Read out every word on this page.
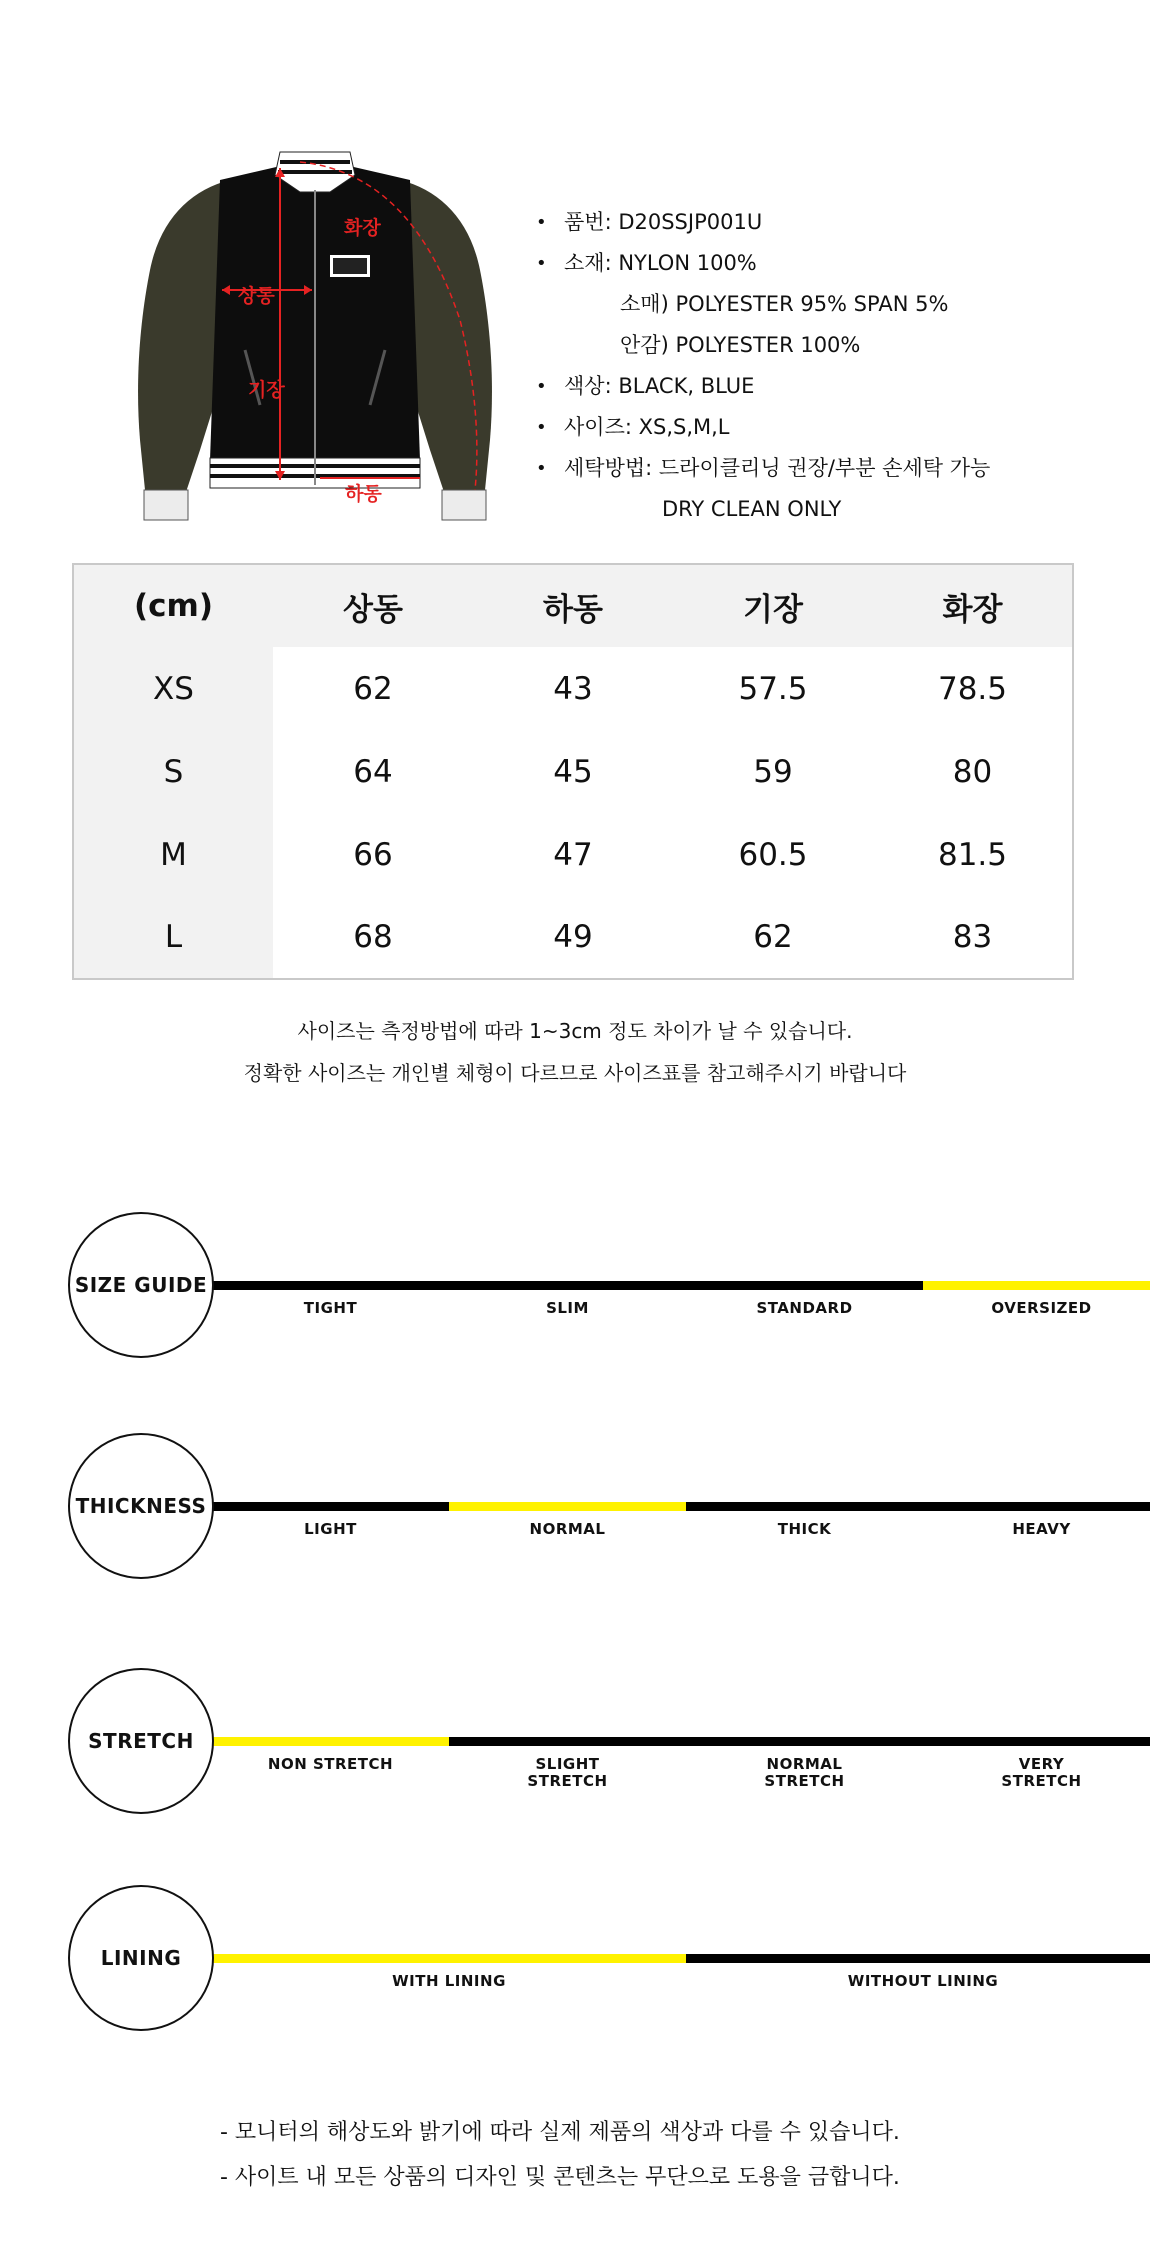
화장
상동
기장
하동
• 품번: D20SSJP001U
• 소재: NYLON 100%
소매) POLYESTER 95% SPAN 5%
안감) POLYESTER 100%
• 색상: BLACK, BLUE
• 사이즈: XS,S,M,L
• 세탁방법: 드라이클리닝 권장/부분 손세탁 가능
DRY CLEAN ONLY
(cm)	상동	하동	기장	화장
XS	62	43	57.5	78.5
S	64	45	59	80
M	66	47	60.5	81.5
L	68	49	62	83

사이즈는 측정방법에 따라 1~3cm 정도 차이가 날 수 있습니다.

정확한 사이즈는 개인별 체형이 다르므로 사이즈표를 참고해주시기 바랍니다

SIZE GUIDE
TIGHT	SLIM	STANDARD	OVERSIZED
THICKNESS
LIGHT	NORMAL	THICK	HEAVY
STRETCH
NON STRETCH	SLIGHT
STRETCH
NORMAL
STRETCH
VERY
STRETCH
LINING
WITH LINING	WITHOUT LINING

- 모니터의 해상도와 밝기에 따라 실제 제품의 색상과 다를 수 있습니다.

- 사이트 내 모든 상품의 디자인 및 콘텐츠는 무단으로 도용을 금합니다.
